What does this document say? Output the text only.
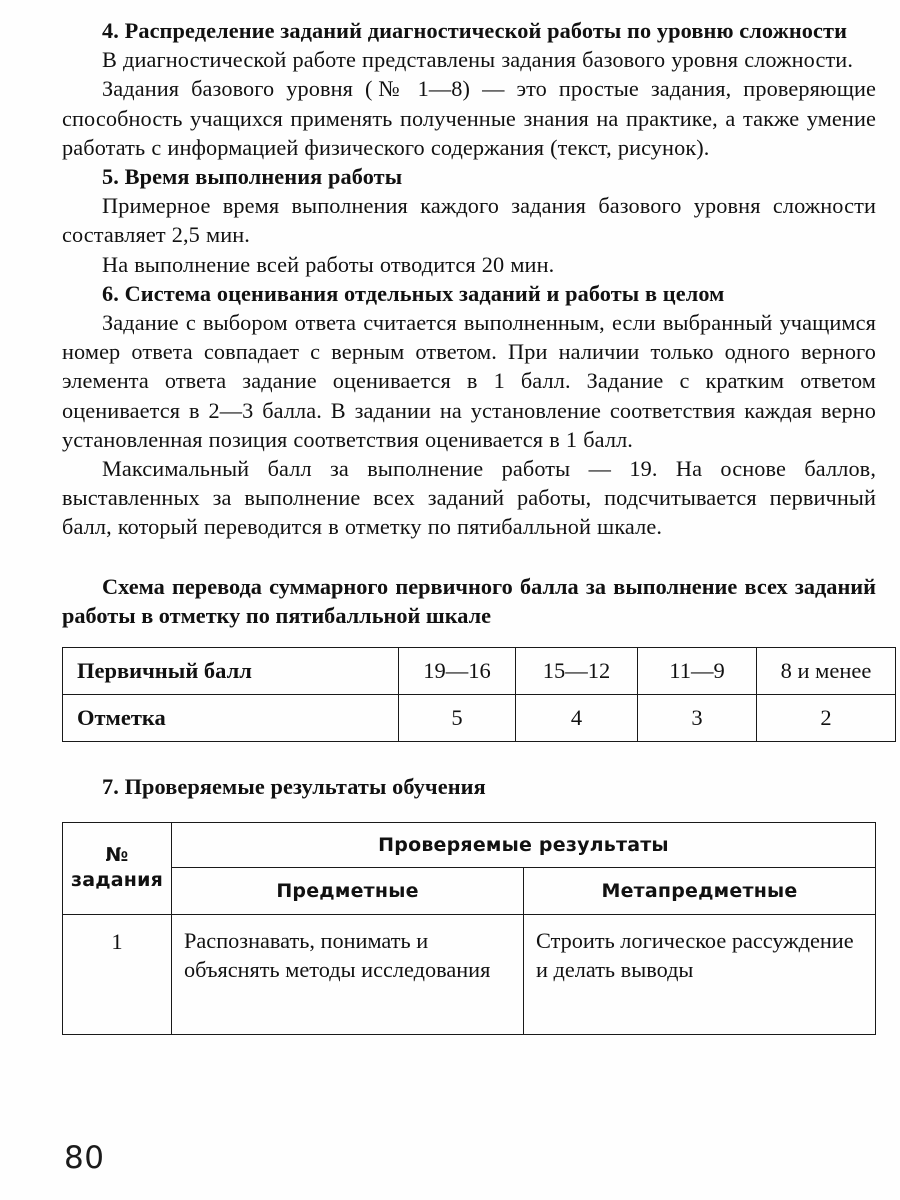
4. Распределение заданий диагностической работы по уровню сложности

В диагностической работе представлены задания базового уровня сложности.

Задания базового уровня (№ 1—8) — это простые задания, проверяющие способность учащихся применять полученные знания на практике, а также умение работать с информацией физического содержания (текст, рисунок).

5. Время выполнения работы

Примерное время выполнения каждого задания базового уровня сложности составляет 2,5 мин.

На выполнение всей работы отводится 20 мин.

6. Система оценивания отдельных заданий и работы в целом

Задание с выбором ответа считается выполненным, если выбранный учащимся номер ответа совпадает с верным ответом. При наличии только одного верного элемента ответа задание оценивается в 1 балл. Задание с кратким ответом оценивается в 2—3 балла. В задании на установление соответствия каждая верно установленная позиция соответствия оценивается в 1 балл.

Максимальный балл за выполнение работы — 19. На основе баллов, выставленных за выполнение всех заданий работы, подсчитывается первичный балл, который переводится в отметку по пятибалльной шкале.

Схема перевода суммарного первичного балла за выполнение всех заданий работы в отметку по пятибалльной шкале

Первичный балл	19—16	15—12	11—9	8 и менее
Отметка	5	4	3	2

7. Проверяемые результаты обучения

№
задания	Проверяемые результаты	
	Предметные	Метапредметные
1	Распознавать, понимать и объяснять методы исследования	Строить логическое рассуждение и делать выводы
80
